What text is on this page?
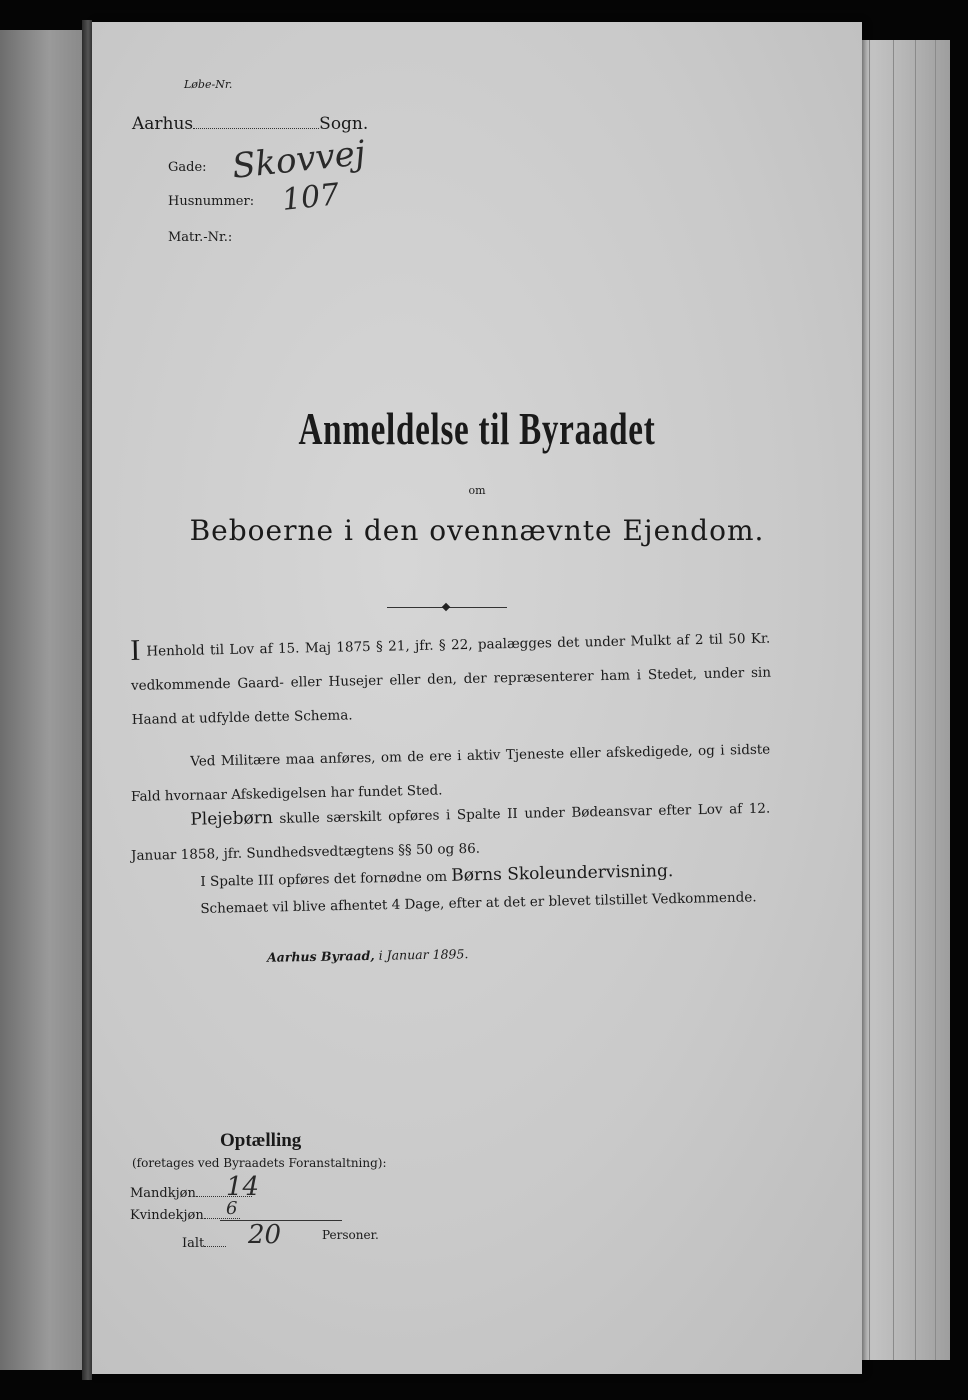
Løbe-Nr.
Aarhus	Sogn.
Gade: Skovvej
Husnummer: 107
Matr.-Nr.:
Anmeldelse til Byraadet
om
Beboerne i den ovennævnte Ejendom.
I Henhold til Lov af 15. Maj 1875 § 21, jfr. § 22, paalægges det under Mulkt af 2 til 50 Kr. vedkommende Gaard- eller Husejer eller den, der repræsenterer ham i Stedet, under sin Haand at udfylde dette Schema.
Ved Militære maa anføres, om de ere i aktiv Tjeneste eller afskedigede, og i sidste Fald hvornaar Afskedigelsen har fundet Sted.
Plejebørn skulle særskilt opføres i Spalte II under Bødeansvar efter Lov af 12. Januar 1858, jfr. Sundhedsvedtægtens §§ 50 og 86.
I Spalte III opføres det fornødne om Børns Skoleundervisning.
Schemaet vil blive afhentet 4 Dage, efter at det er blevet tilstillet Vedkommende.
Aarhus Byraad, i Januar 1895.
Optælling
(foretages ved Byraadets Foranstaltning):
Mandkjøn	14
Kvindekjøn	6
Ialt	20	Personer.
